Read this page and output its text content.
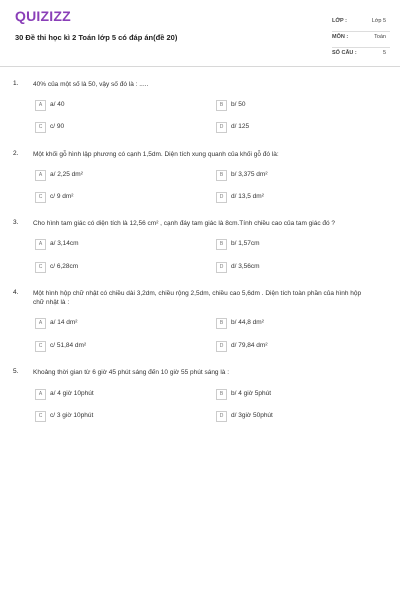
QUIZIZZ
30 Đề thi học kì 2 Toán lớp 5 có đáp án(đề 20)
LỚP :	Lớp 5
MÔN :	Toán
SỐ CÂU :	5
1. 40% của một số là 50, vậy số đó là : .....
A	a/ 40	B	b/ 50
C	c/ 90	D	d/ 125
2. Một khối gỗ hình lập phương có cạnh 1,5dm. Diện tích xung quanh của khối gỗ đó là:
A	a/ 2,25 dm²	B	b/ 3,375 dm²
C	c/ 9 dm²	D	d/ 13,5 dm²
3. Cho hình tam giác có diện tích là 12,56 cm² , cạnh đáy tam giác là 8cm.Tính chiều cao của tam giác đó ?
A	a/ 3,14cm	B	b/ 1,57cm
C	c/ 6,28cm	D	d/ 3,56cm
4. Một hình hộp chữ nhật có chiều dài 3,2dm, chiều rộng 2,5dm, chiều cao 5,6dm . Diện tích toàn phần của hình hộp chữ nhật là :
A	a/ 14 dm²	B	b/ 44,8 dm²
C	c/ 51,84 dm²	D	d/ 79,84 dm²
5. Khoảng thời gian từ 6 giờ 45 phút sáng đến 10 giờ 55 phút sáng là :
A	a/ 4 giờ 10phút	B	b/ 4 giờ 5phút
C	c/ 3 giờ 10phút	D	d/ 3giờ 50phút
